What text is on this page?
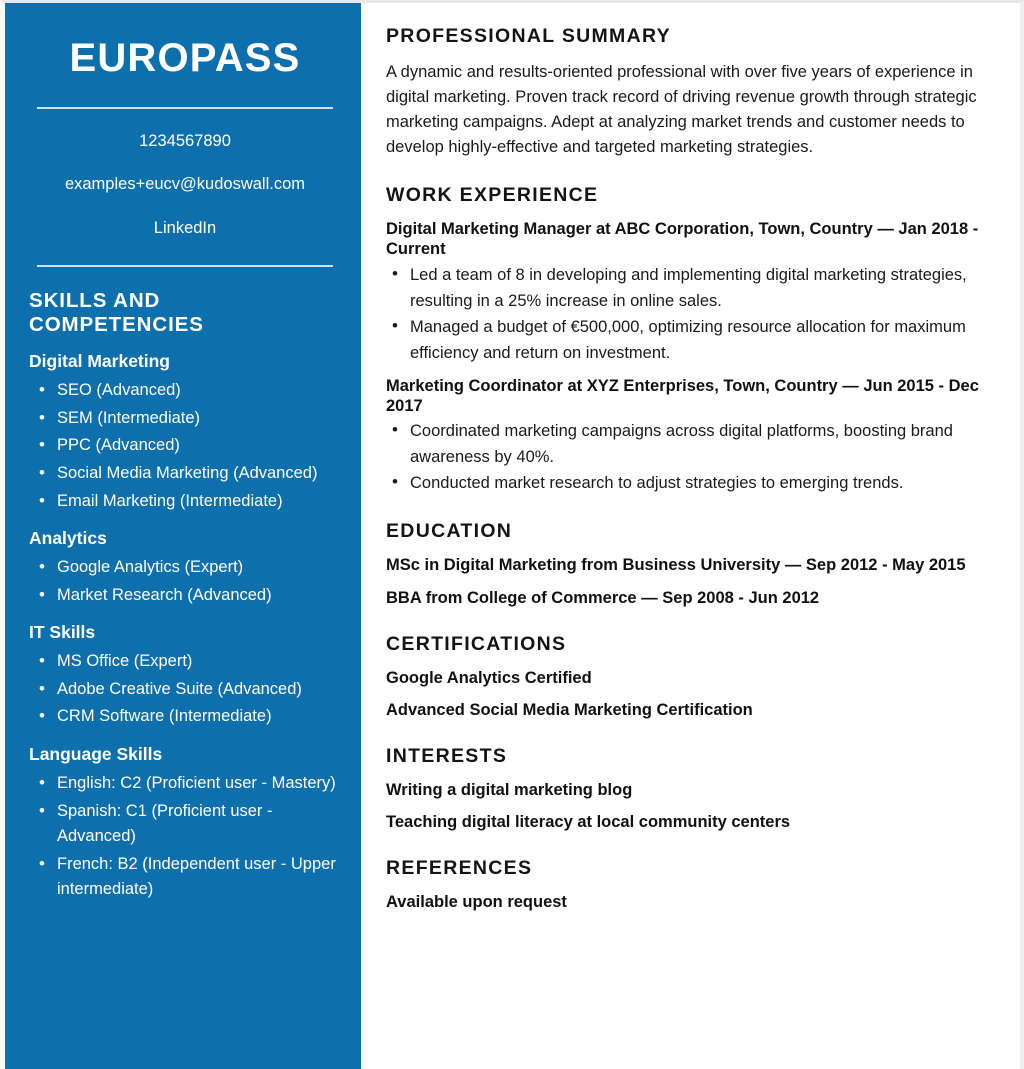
EUROPASS
1234567890
examples+eucv@kudoswall.com
LinkedIn
SKILLS AND COMPETENCIES
Digital Marketing
• SEO (Advanced)
• SEM (Intermediate)
• PPC (Advanced)
• Social Media Marketing (Advanced)
• Email Marketing (Intermediate)
Analytics
• Google Analytics (Expert)
• Market Research (Advanced)
IT Skills
• MS Office (Expert)
• Adobe Creative Suite (Advanced)
• CRM Software (Intermediate)
Language Skills
• English: C2 (Proficient user - Mastery)
• Spanish: C1 (Proficient user - Advanced)
• French: B2 (Independent user - Upper intermediate)
PROFESSIONAL SUMMARY

A dynamic and results-oriented professional with over five years of experience in digital marketing. Proven track record of driving revenue growth through strategic marketing campaigns. Adept at analyzing market trends and customer needs to develop highly-effective and targeted marketing strategies.

WORK EXPERIENCE
Digital Marketing Manager at ABC Corporation, Town, Country — Jan 2018 - Current
• Led a team of 8 in developing and implementing digital marketing strategies, resulting in a 25% increase in online sales.
• Managed a budget of €500,000, optimizing resource allocation for maximum efficiency and return on investment.
Marketing Coordinator at XYZ Enterprises, Town, Country — Jun 2015 - Dec 2017
• Coordinated marketing campaigns across digital platforms, boosting brand awareness by 40%.
• Conducted market research to adjust strategies to emerging trends.
EDUCATION
MSc in Digital Marketing from Business University — Sep 2012 - May 2015
BBA from College of Commerce — Sep 2008 - Jun 2012
CERTIFICATIONS
Google Analytics Certified
Advanced Social Media Marketing Certification
INTERESTS
Writing a digital marketing blog
Teaching digital literacy at local community centers
REFERENCES
Available upon request
